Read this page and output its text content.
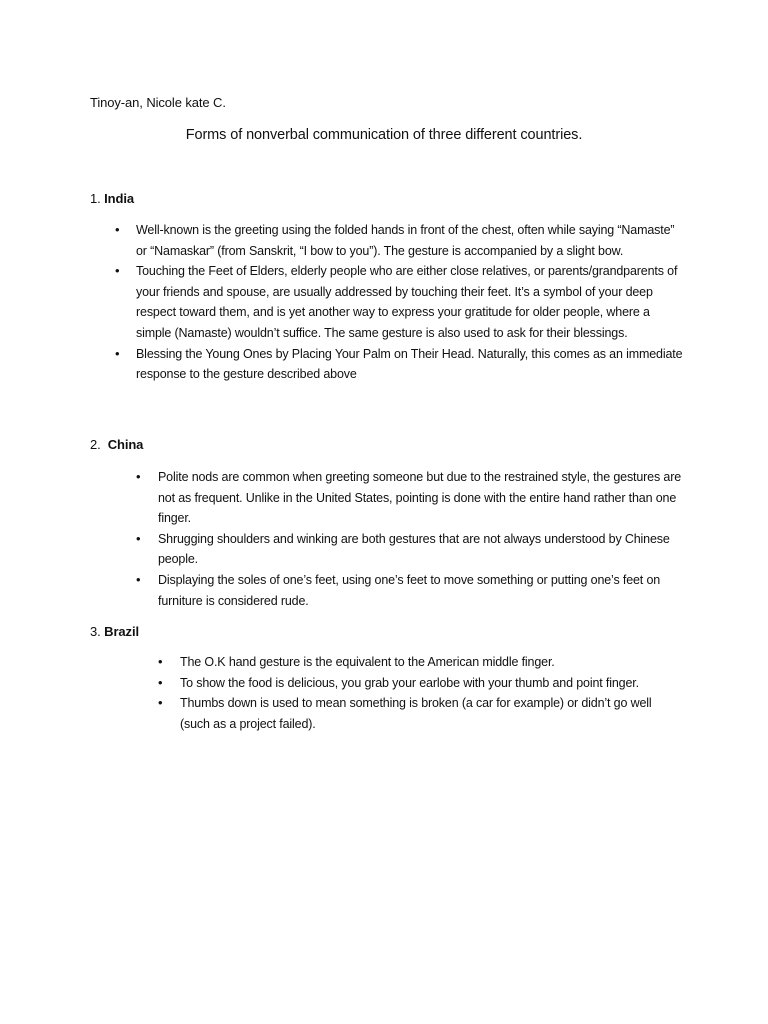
Tinoy-an, Nicole kate C.
Forms of nonverbal communication of three different countries.
1. India
• Well-known is the greeting using the folded hands in front of the chest, often while saying “Namaste” or “Namaskar” (from Sanskrit, “I bow to you”). The gesture is accompanied by a slight bow.
• Touching the Feet of Elders, elderly people who are either close relatives, or parents/grandparents of your friends and spouse, are usually addressed by touching their feet. It’s a symbol of your deep respect toward them, and is yet another way to express your gratitude for older people, where a simple (Namaste) wouldn’t suffice. The same gesture is also used to ask for their blessings.
• Blessing the Young Ones by Placing Your Palm on Their Head. Naturally, this comes as an immediate response to the gesture described above
2. China
• Polite nods are common when greeting someone but due to the restrained style, the gestures are not as frequent. Unlike in the United States, pointing is done with the entire hand rather than one finger.
• Shrugging shoulders and winking are both gestures that are not always understood by Chinese people.
• Displaying the soles of one’s feet, using one’s feet to move something or putting one’s feet on furniture is considered rude.
3. Brazil
• The O.K hand gesture is the equivalent to the American middle finger.
• To show the food is delicious, you grab your earlobe with your thumb and point finger.
• Thumbs down is used to mean something is broken (a car for example) or didn’t go well (such as a project failed).
